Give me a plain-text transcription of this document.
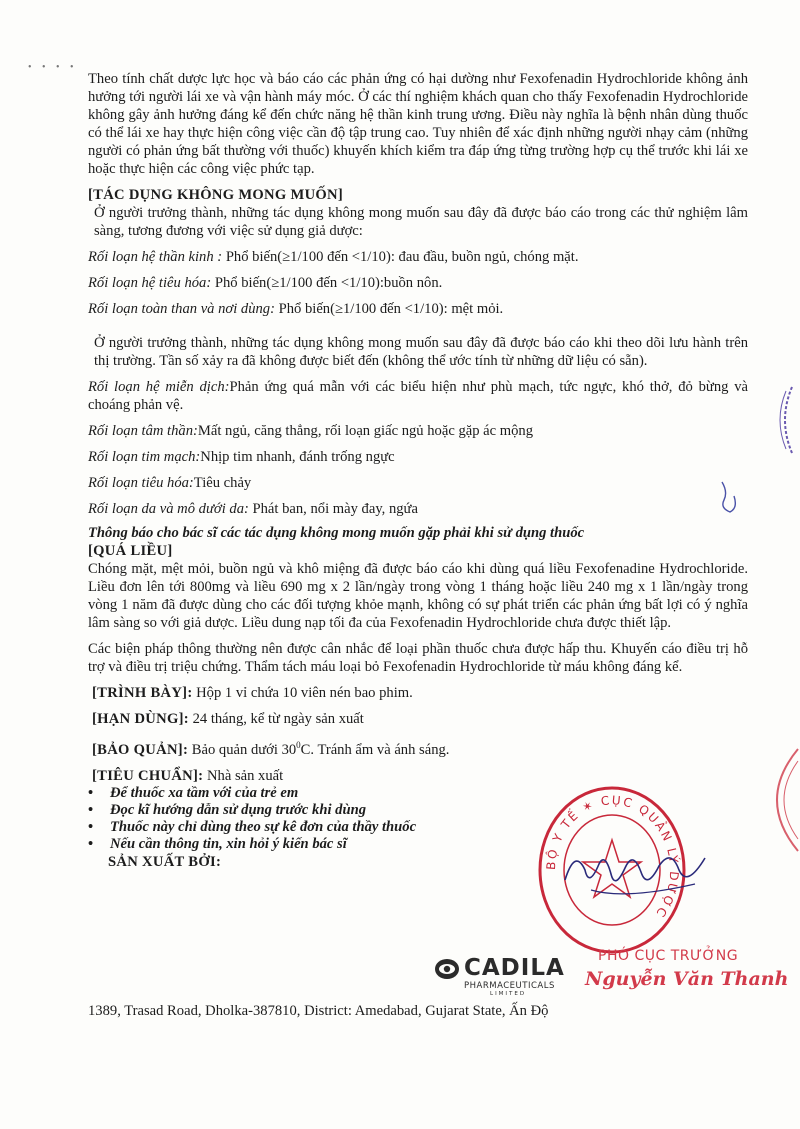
• • • •

Theo tính chất dược lực học và báo cáo các phản ứng có hại dường như Fexofenadin Hydrochloride không ảnh hưởng tới người lái xe và vận hành máy móc. Ở các thí nghiệm khách quan cho thấy Fexofenadin Hydrochloride không gây ảnh hưởng đáng kể đến chức năng hệ thần kinh trung ương. Điều này nghĩa là bệnh nhân dùng thuốc có thể lái xe hay thực hiện công việc cần độ tập trung cao. Tuy nhiên để xác định những người nhạy cảm (những người có phản ứng bất thường với thuốc) khuyến khích kiểm tra đáp ứng từng trường hợp cụ thể trước khi lái xe hoặc thực hiện các công việc phức tạp.

[TÁC DỤNG KHÔNG MONG MUỐN]

Ở người trưởng thành, những tác dụng không mong muốn sau đây đã được báo cáo trong các thử nghiệm lâm sàng, tương đương với việc sử dụng giả dược:

Rối loạn hệ thần kinh : Phổ biến(≥1/100 đến <1/10): đau đầu, buồn ngủ, chóng mặt.

Rối loạn hệ tiêu hóa: Phổ biến(≥1/100 đến <1/10):buồn nôn.

Rối loạn toàn than và nơi dùng: Phổ biến(≥1/100 đến <1/10): mệt mỏi.

Ở người trưởng thành, những tác dụng không mong muốn sau đây đã được báo cáo khi theo dõi lưu hành trên thị trường. Tần số xảy ra đã không được biết đến (không thể ước tính từ những dữ liệu có sẵn).

Rối loạn hệ miễn dịch:Phản ứng quá mẫn với các biểu hiện như phù mạch, tức ngực, khó thở, đỏ bừng và choáng phản vệ.

Rối loạn tâm thần:Mất ngủ, căng thẳng, rối loạn giấc ngủ hoặc gặp ác mộng

Rối loạn tim mạch:Nhịp tim nhanh, đánh trống ngực

Rối loạn tiêu hóa:Tiêu chảy

Rối loạn da và mô dưới da: Phát ban, nổi mày đay, ngứa

Thông báo cho bác sĩ các tác dụng không mong muốn gặp phải khi sử dụng thuốc

[QUÁ LIỀU]

Chóng mặt, mệt mỏi, buồn ngủ và khô miệng đã được báo cáo khi dùng quá liều Fexofenadine Hydrochloride. Liều đơn lên tới 800mg và liều 690 mg x 2 lần/ngày trong vòng 1 tháng hoặc liều 240 mg x 1 lần/ngày trong vòng 1 năm đã được dùng cho các đối tượng khỏe mạnh, không có sự phát triển các phản ứng bất lợi có ý nghĩa lâm sàng so với giả dược. Liều dung nạp tối đa của Fexofenadin Hydrochloride chưa được thiết lập.

Các biện pháp thông thường nên được cân nhắc để loại phần thuốc chưa được hấp thu. Khuyến cáo điều trị hỗ trợ và điều trị triệu chứng. Thẩm tách máu loại bỏ Fexofenadin Hydrochloride từ máu không đáng kể.

[TRÌNH BÀY]: Hộp 1 vỉ chứa 10 viên nén bao phim.
[HẠN DÙNG]: 24 tháng, kể từ ngày sản xuất
[BẢO QUẢN]: Bảo quản dưới $30^0C$. Tránh ẩm và ánh sáng.
[TIÊU CHUẨN]: Nhà sản xuất
• Để thuốc xa tầm với của trẻ em
• Đọc kĩ hướng dẫn sử dụng trước khi dùng
• Thuốc này chỉ dùng theo sự kê đơn của thầy thuốc
• Nếu cần thông tin, xin hỏi ý kiến bác sĩ
SẢN XUẤT BỞI:	BỘ Y TẾ ✶ CỤC QUẢN LÝ DƯỢC
CADILA
PHARMACEUTICALS
LIMITED
PHÓ CỤC TRƯỞNG
Nguyễn Văn Thanh
1389, Trasad Road, Dholka-387810, District: Amedabad, Gujarat State, Ấn Độ
